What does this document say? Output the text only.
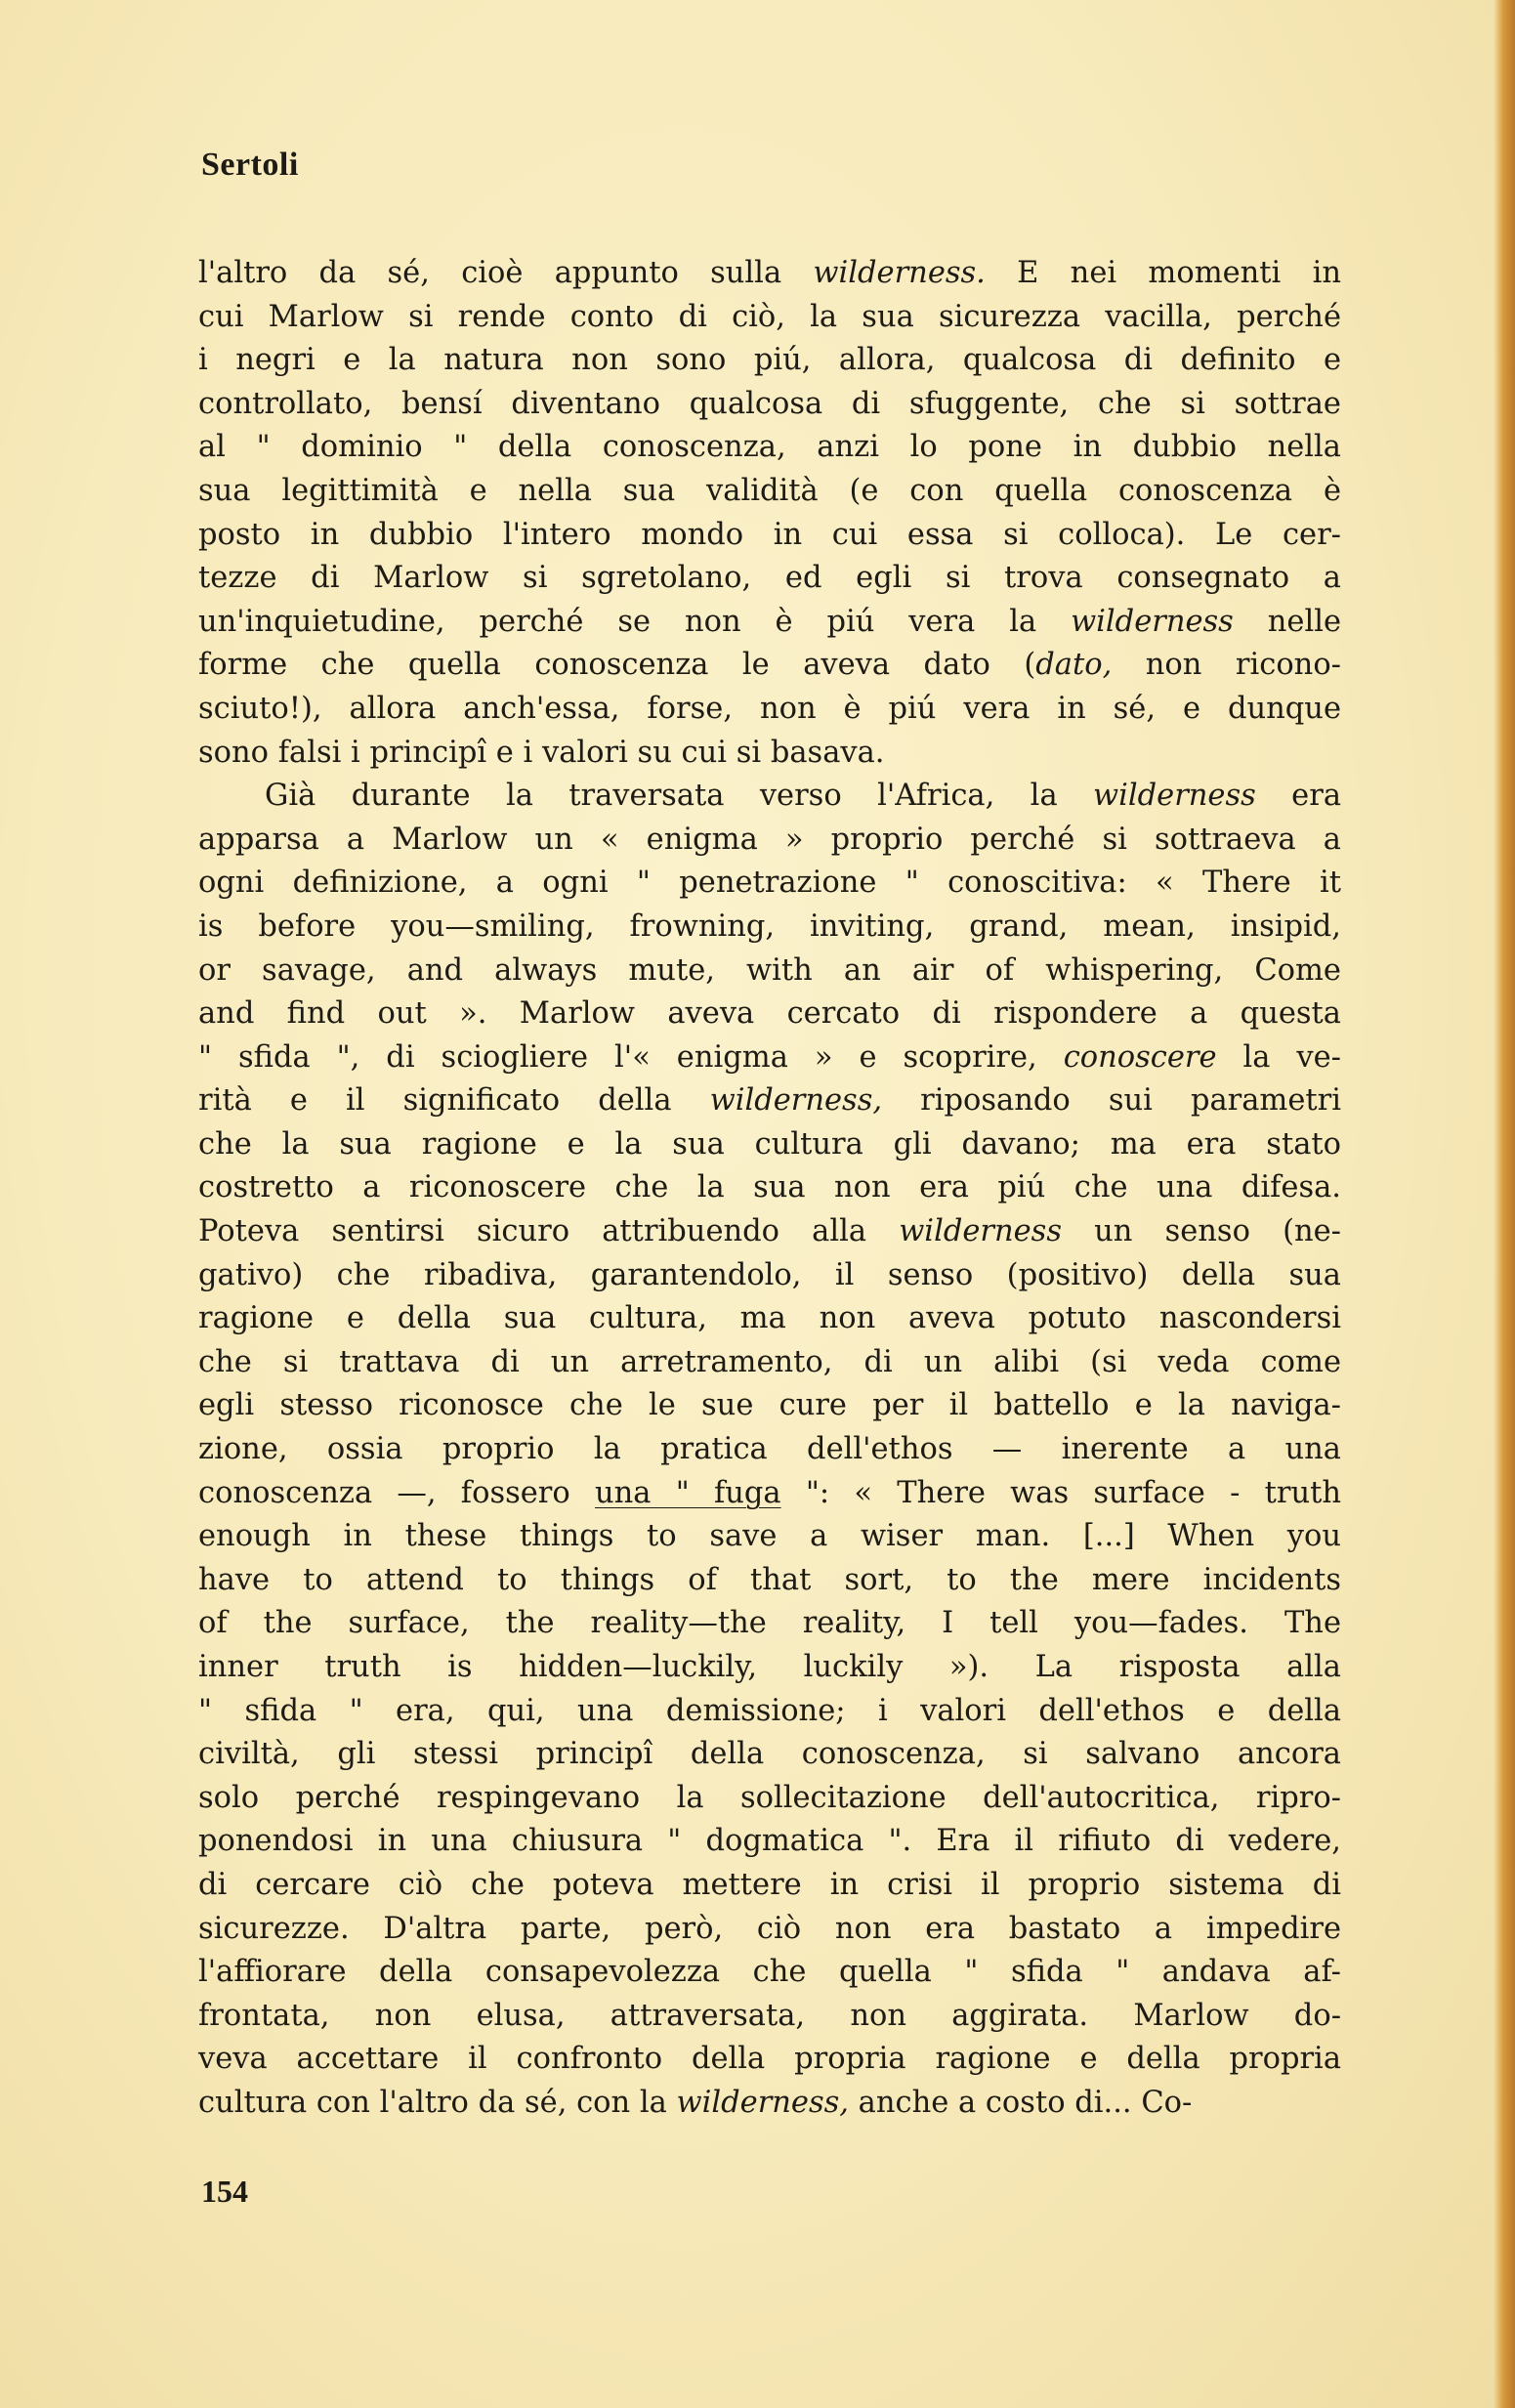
Sertoli
l'altro da sé, cioè appunto sulla wilderness. E nei momenti in
cui Marlow si rende conto di ciò, la sua sicurezza vacilla, perché
i negri e la natura non sono piú, allora, qualcosa di definito e
controllato, bensí diventano qualcosa di sfuggente, che si sottrae
al " dominio " della conoscenza, anzi lo pone in dubbio nella
sua legittimità e nella sua validità (e con quella conoscenza è
posto in dubbio l'intero mondo in cui essa si colloca). Le cer-
tezze di Marlow si sgretolano, ed egli si trova consegnato a
un'inquietudine, perché se non è piú vera la wilderness nelle
forme che quella conoscenza le aveva dato (dato, non ricono-
sciuto!), allora anch'essa, forse, non è piú vera in sé, e dunque
sono falsi i principî e i valori su cui si basava.
Già durante la traversata verso l'Africa, la wilderness era
apparsa a Marlow un « enigma » proprio perché si sottraeva a
ogni definizione, a ogni " penetrazione " conoscitiva: « There it
is before you—smiling, frowning, inviting, grand, mean, insipid,
or savage, and always mute, with an air of whispering, Come
and find out ». Marlow aveva cercato di rispondere a questa
" sfida ", di sciogliere l'« enigma » e scoprire, conoscere la ve-
rità e il significato della wilderness, riposando sui parametri
che la sua ragione e la sua cultura gli davano; ma era stato
costretto a riconoscere che la sua non era piú che una difesa.
Poteva sentirsi sicuro attribuendo alla wilderness un senso (ne-
gativo) che ribadiva, garantendolo, il senso (positivo) della sua
ragione e della sua cultura, ma non aveva potuto nascondersi
che si trattava di un arretramento, di un alibi (si veda come
egli stesso riconosce che le sue cure per il battello e la naviga-
zione, ossia proprio la pratica dell'ethos — inerente a una
conoscenza —, fossero una " fuga ": « There was surface - truth
enough in these things to save a wiser man. [...] When you
have to attend to things of that sort, to the mere incidents
of the surface, the reality—the reality, I tell you—fades. The
inner truth is hidden—luckily, luckily »). La risposta alla
" sfida " era, qui, una demissione; i valori dell'ethos e della
civiltà, gli stessi principî della conoscenza, si salvano ancora
solo perché respingevano la sollecitazione dell'autocritica, ripro-
ponendosi in una chiusura " dogmatica ". Era il rifiuto di vedere,
di cercare ciò che poteva mettere in crisi il proprio sistema di
sicurezze. D'altra parte, però, ciò non era bastato a impedire
l'affiorare della consapevolezza che quella " sfida " andava af-
frontata, non elusa, attraversata, non aggirata. Marlow do-
veva accettare il confronto della propria ragione e della propria
cultura con l'altro da sé, con la wilderness, anche a costo di... Co-

154
